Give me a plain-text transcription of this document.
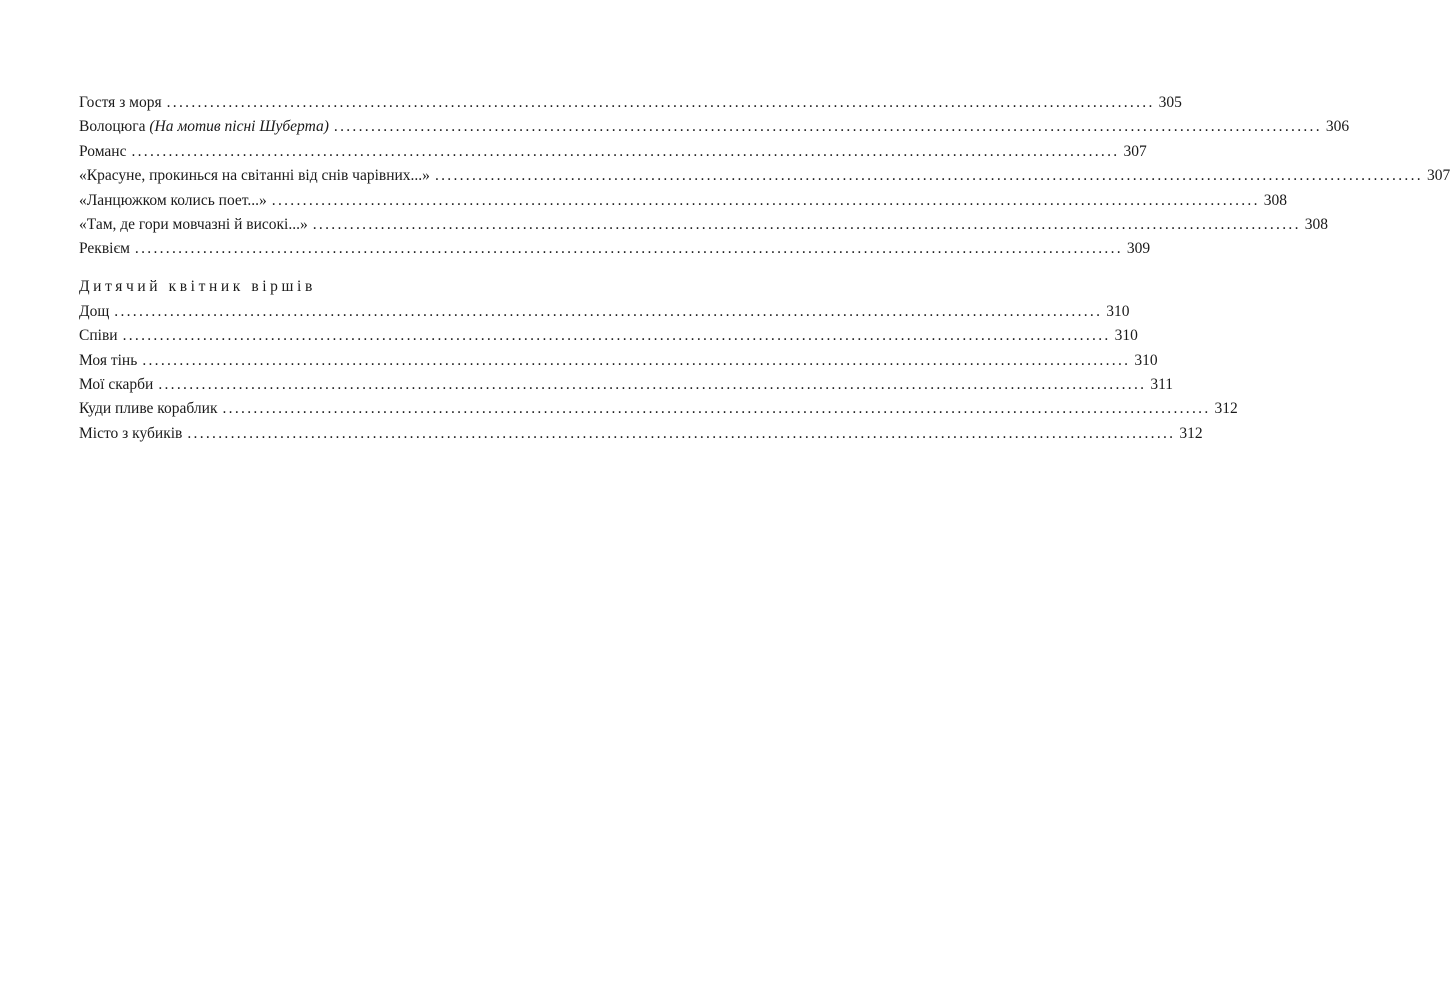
Гостя з моря ................................................................................................................................................................ 305
Волоцюга (На мотив пісні Шуберта) ................................................................................................................................................................ 306
Романс ................................................................................................................................................................ 307
«Красуне, прокинься на світанні від снів чарівних...» ................................................................................................................................................................ 307
«Ланцюжком колись поет...» ................................................................................................................................................................ 308
«Там, де гори мовчазні й високі...» ................................................................................................................................................................ 308
Реквієм ................................................................................................................................................................ 309
Дитячий квітник віршів
Дощ ................................................................................................................................................................ 310
Співи ................................................................................................................................................................ 310
Моя тінь ................................................................................................................................................................ 310
Мої скарби ................................................................................................................................................................ 311
Куди пливе кораблик ................................................................................................................................................................ 312
Місто з кубиків ................................................................................................................................................................ 312
